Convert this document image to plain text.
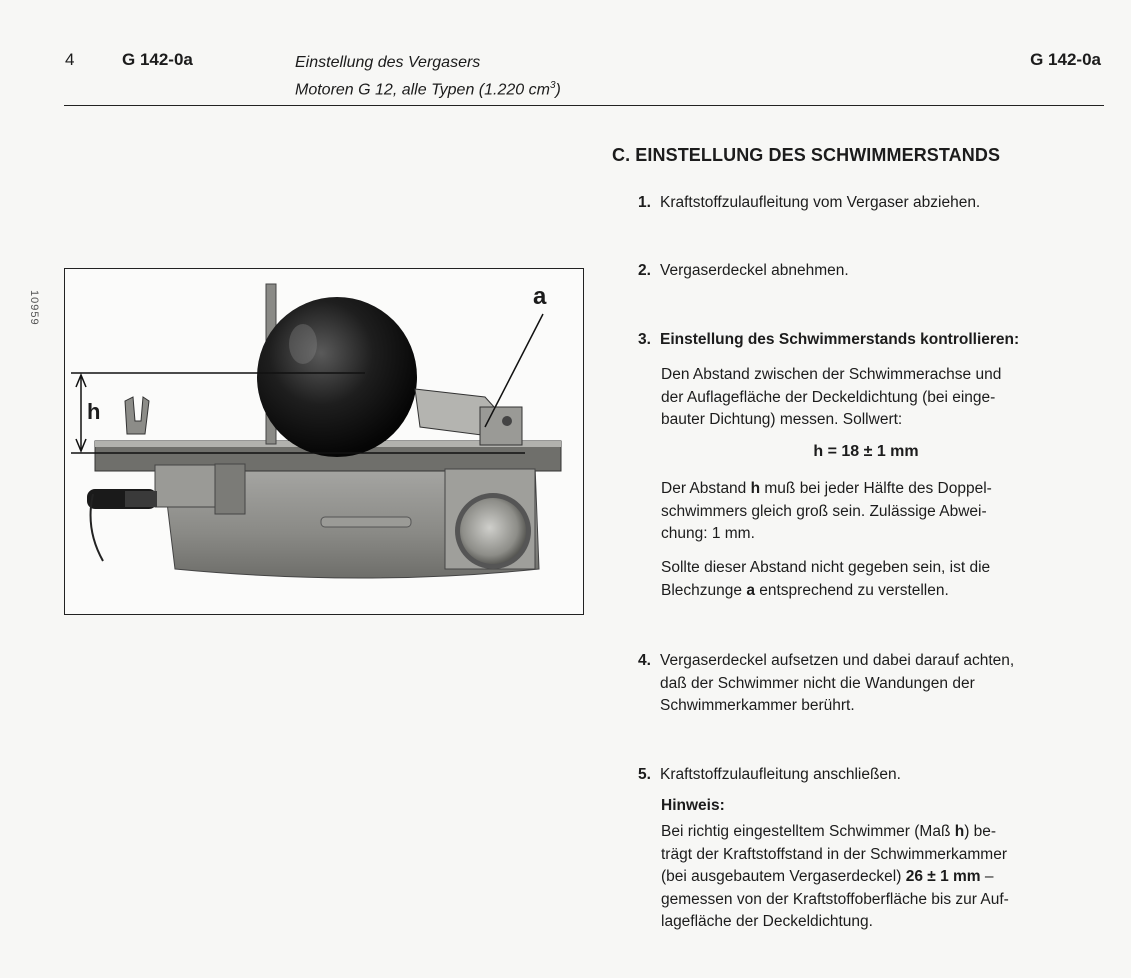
4	G 142-0a	Einstellung des Vergasers
Motoren G 12, alle Typen (1.220 $cm^3$)
G 142-0a
10959
h
a
C. EINSTELLUNG DES SCHWIMMERSTANDS
1. Kraftstoffzulaufleitung vom Vergaser abziehen.
2. Vergaserdeckel abnehmen.
3. Einstellung des Schwimmerstands kontrollieren:
Den Abstand zwischen der Schwimmerachse und
der Auflagefläche der Deckeldichtung (bei einge-
bauter Dichtung) messen. Sollwert:
h = 18 ± 1 mm
Der Abstand h muß bei jeder Hälfte des Doppel-
schwimmers gleich groß sein. Zulässige Abwei-
chung: 1 mm.
Sollte dieser Abstand nicht gegeben sein, ist die
Blechzunge a entsprechend zu verstellen.
4. Vergaserdeckel aufsetzen und dabei darauf achten,
daß der Schwimmer nicht die Wandungen der
Schwimmerkammer berührt.
5. Kraftstoffzulaufleitung anschließen.
Hinweis:
Bei richtig eingestelltem Schwimmer (Maß h) be-
trägt der Kraftstoffstand in der Schwimmerkammer
(bei ausgebautem Vergaserdeckel) 26 ± 1 mm –
gemessen von der Kraftstoffoberfläche bis zur Auf-
lagefläche der Deckeldichtung.
